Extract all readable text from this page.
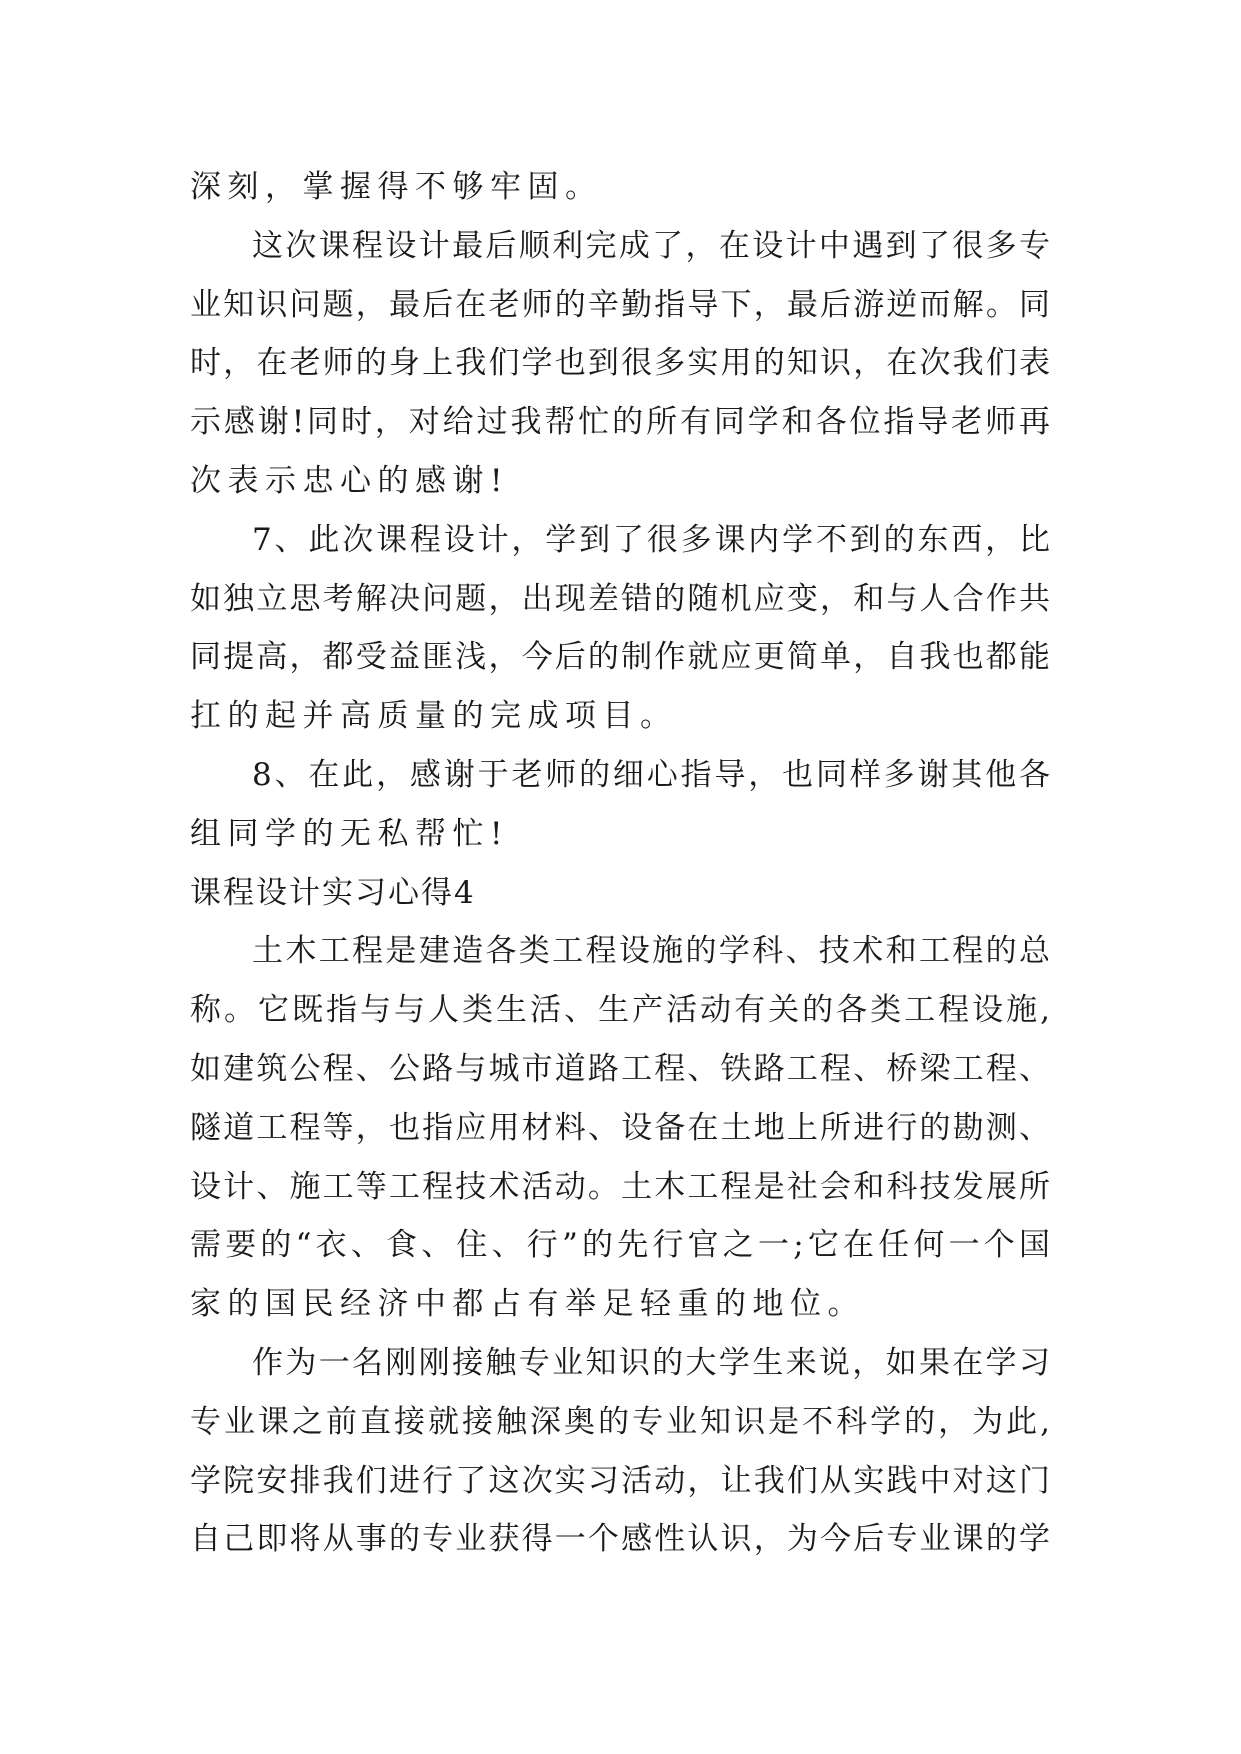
深刻，掌握得不够牢固。
这次课程设计最后顺利完成了，在设计中遇到了很多专
业知识问题，最后在老师的辛勤指导下，最后游逆而解。同
时，在老师的身上我们学也到很多实用的知识，在次我们表
示感谢!同时，对给过我帮忙的所有同学和各位指导老师再
次表示忠心的感谢!
7、此次课程设计，学到了很多课内学不到的东西，比
如独立思考解决问题，出现差错的随机应变，和与人合作共
同提高，都受益匪浅，今后的制作就应更简单，自我也都能
扛的起并高质量的完成项目。
8、在此，感谢于老师的细心指导，也同样多谢其他各
组同学的无私帮忙!
课程设计实习心得4
土木工程是建造各类工程设施的学科、技术和工程的总
称。它既指与与人类生活、生产活动有关的各类工程设施,
如建筑公程、公路与城市道路工程、铁路工程、桥梁工程、
隧道工程等，也指应用材料、设备在土地上所进行的勘测、
设计、施工等工程技术活动。土木工程是社会和科技发展所
需要的“衣、食、住、行”的先行官之一;它在任何一个国
家的国民经济中都占有举足轻重的地位。
作为一名刚刚接触专业知识的大学生来说，如果在学习
专业课之前直接就接触深奥的专业知识是不科学的，为此,
学院安排我们进行了这次实习活动，让我们从实践中对这门
自己即将从事的专业获得一个感性认识，为今后专业课的学
